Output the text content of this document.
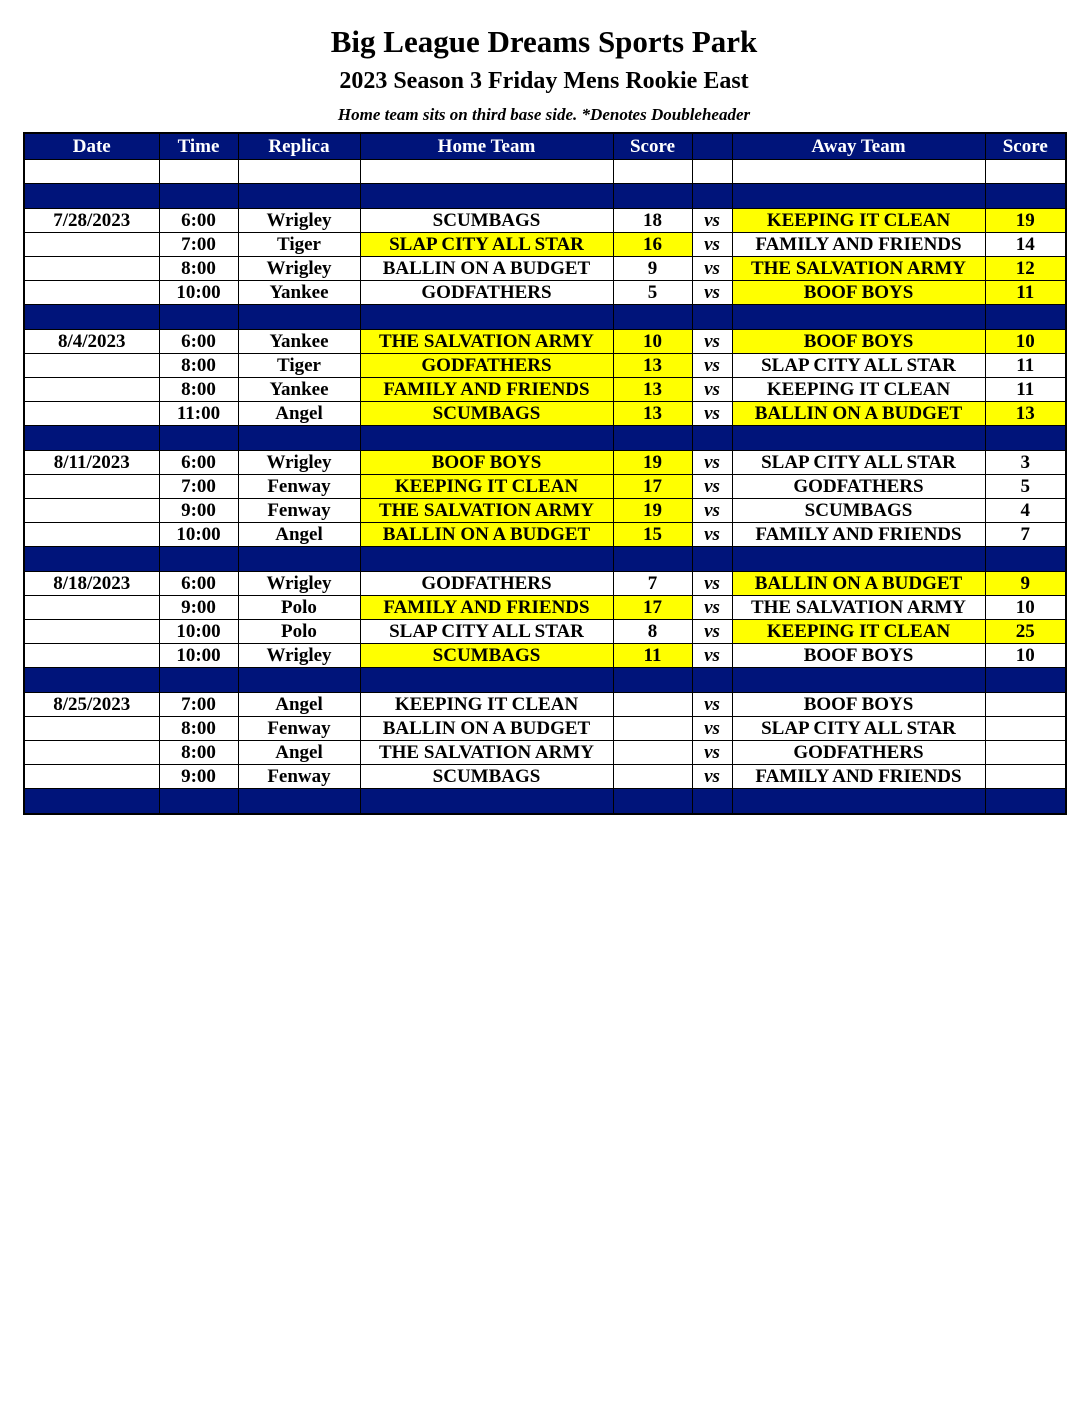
Big League Dreams Sports Park
2023 Season 3 Friday Mens Rookie East
Home team sits on third base side. *Denotes Doubleheader
Date	Time	Replica	Home Team	Score		Away Team	Score

7/28/2023	6:00	Wrigley	SCUMBAGS	18	vs	KEEPING IT CLEAN	19
	7:00	Tiger	SLAP CITY ALL STAR	16	vs	FAMILY AND FRIENDS	14
	8:00	Wrigley	BALLIN ON A BUDGET	9	vs	THE SALVATION ARMY	12
	10:00	Yankee	GODFATHERS	5	vs	BOOF BOYS	11

8/4/2023	6:00	Yankee	THE SALVATION ARMY	10	vs	BOOF BOYS	10
	8:00	Tiger	GODFATHERS	13	vs	SLAP CITY ALL STAR	11
	8:00	Yankee	FAMILY AND FRIENDS	13	vs	KEEPING IT CLEAN	11
	11:00	Angel	SCUMBAGS	13	vs	BALLIN ON A BUDGET	13

8/11/2023	6:00	Wrigley	BOOF BOYS	19	vs	SLAP CITY ALL STAR	3
	7:00	Fenway	KEEPING IT CLEAN	17	vs	GODFATHERS	5
	9:00	Fenway	THE SALVATION ARMY	19	vs	SCUMBAGS	4
	10:00	Angel	BALLIN ON A BUDGET	15	vs	FAMILY AND FRIENDS	7

8/18/2023	6:00	Wrigley	GODFATHERS	7	vs	BALLIN ON A BUDGET	9
	9:00	Polo	FAMILY AND FRIENDS	17	vs	THE SALVATION ARMY	10
	10:00	Polo	SLAP CITY ALL STAR	8	vs	KEEPING IT CLEAN	25
	10:00	Wrigley	SCUMBAGS	11	vs	BOOF BOYS	10

8/25/2023	7:00	Angel	KEEPING IT CLEAN		vs	BOOF BOYS	
	8:00	Fenway	BALLIN ON A BUDGET		vs	SLAP CITY ALL STAR	
	8:00	Angel	THE SALVATION ARMY		vs	GODFATHERS	
	9:00	Fenway	SCUMBAGS		vs	FAMILY AND FRIENDS	
